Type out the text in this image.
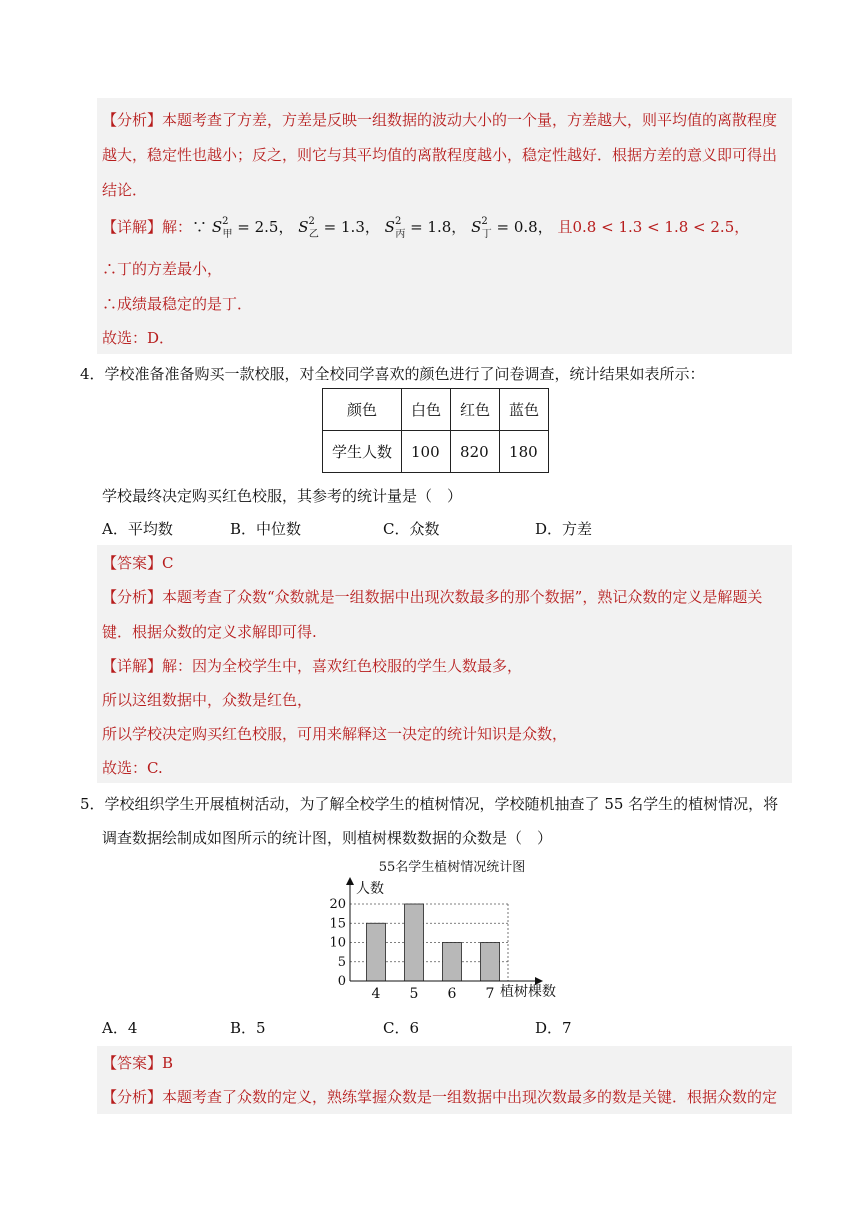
【分析】本题考查了方差，方差是反映一组数据的波动大小的一个量，方差越大，则平均值的离散程度
越大，稳定性也越小；反之，则它与其平均值的离散程度越小，稳定性越好．根据方差的意义即可得出
结论．
【详解】解：∵ $S^2_甲 = 2.5$， $S^2_乙 = 1.3$， $S^2_丙 = 1.8$， $S^2_丁 = 0.8$， 且0.8 < 1.3 < 1.8 < 2.5，
∴丁的方差最小，
∴成绩最稳定的是丁．
故选：D．
4．学校准备准备购买一款校服，对全校同学喜欢的颜色进行了问卷调查，统计结果如表所示：
颜色	白色	红色	蓝色
学生人数	100	820	180
学校最终决定购买红色校服，其参考的统计量是（　）
A．平均数	B．中位数	C．众数	D．方差
【答案】C
【分析】本题考查了众数“众数就是一组数据中出现次数最多的那个数据”，熟记众数的定义是解题关
键．根据众数的定义求解即可得.
【详解】解：因为全校学生中，喜欢红色校服的学生人数最多，
所以这组数据中，众数是红色，
所以学校决定购买红色校服，可用来解释这一决定的统计知识是众数，
故选：C.
5．学校组织学生开展植树活动，为了解全校学生的植树情况，学校随机抽查了 55 名学生的植树情况，将
调查数据绘制成如图所示的统计图，则植树棵数数据的众数是（　）
55名学生植树情况统计图
0
5
10
15
20
4 5 6 7
人数
植树棵数
A．4	B．5	C．6	D．7
【答案】B
【分析】本题考查了众数的定义，熟练掌握众数是一组数据中出现次数最多的数是关键．根据众数的定
